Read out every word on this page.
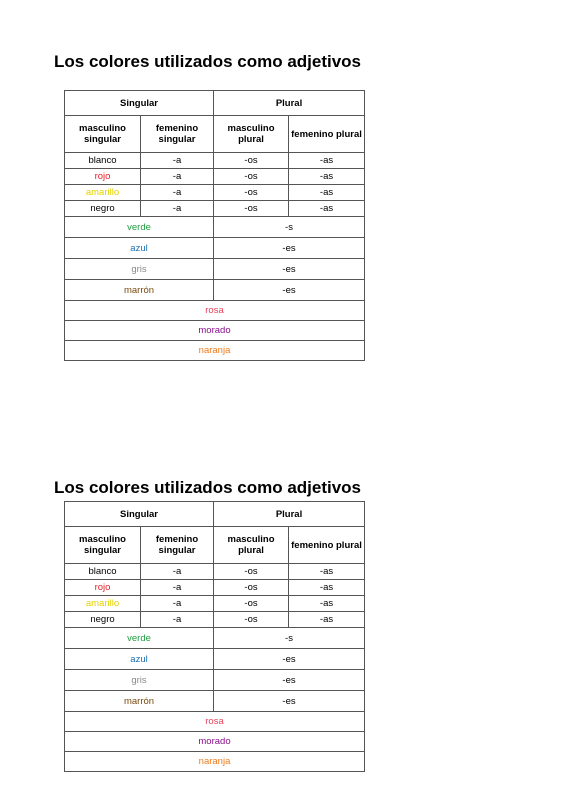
Los colores utilizados como adjetivos
Singular		Plural	
masculino singular	femenino singular	masculino plural	femenino plural
blanco	-a	-os	-as
rojo	-a	-os	-as
amarillo	-a	-os	-as
negro	-a	-os	-as
verde		-s	
azul		-es	
gris		-es	
marrón		-es	
rosa			
morado			
naranja			
Los colores utilizados como adjetivos
Singular		Plural	
masculino singular	femenino singular	masculino plural	femenino plural
blanco	-a	-os	-as
rojo	-a	-os	-as
amarillo	-a	-os	-as
negro	-a	-os	-as
verde		-s	
azul		-es	
gris		-es	
marrón		-es	
rosa			
morado			
naranja			
